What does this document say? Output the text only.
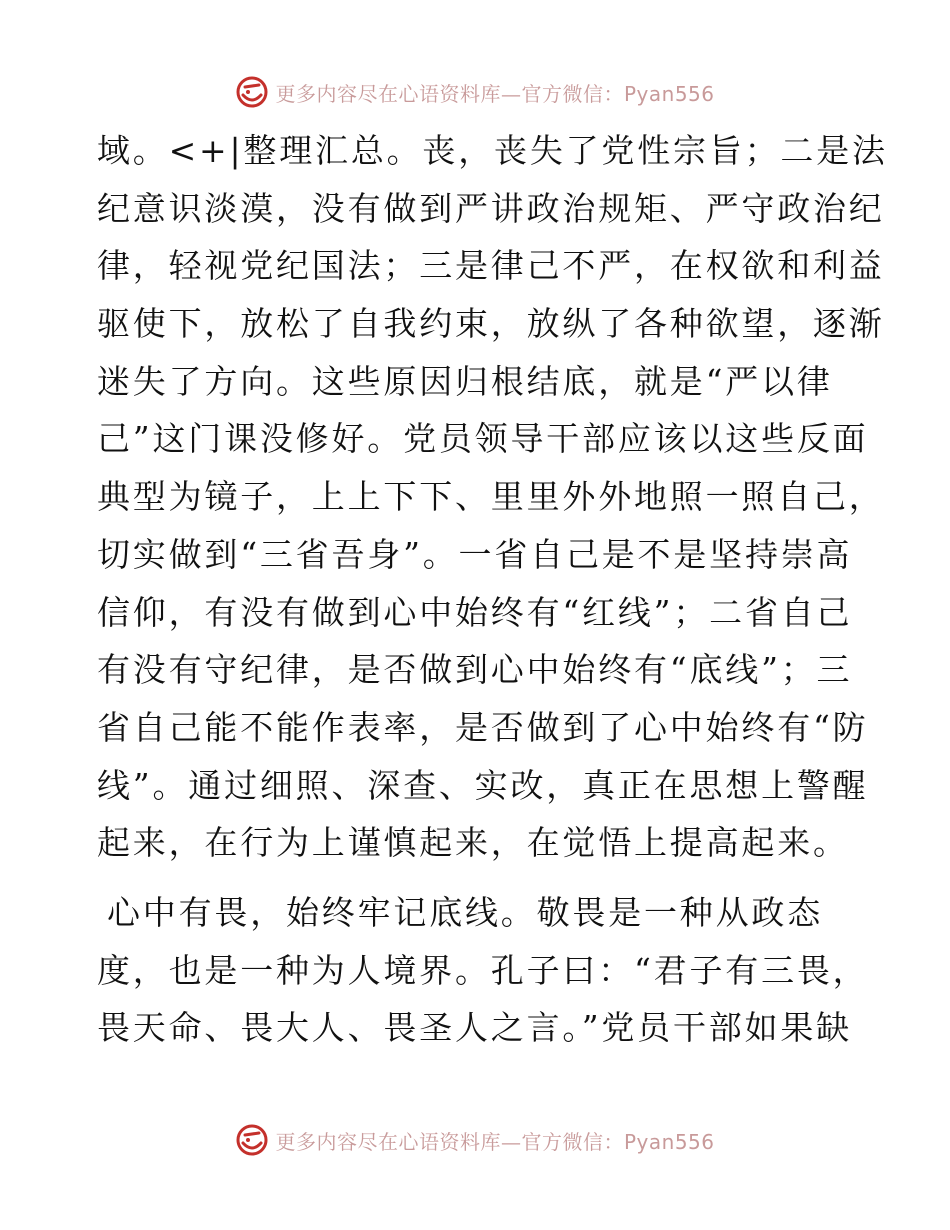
更多内容尽在心语资料库—官方微信：Pyan556
域。<+|整理汇总。丧，丧失了党性宗旨；二是法
纪意识淡漠，没有做到严讲政治规矩、严守政治纪
律，轻视党纪国法；三是律己不严，在权欲和利益
驱使下，放松了自我约束，放纵了各种欲望，逐渐
迷失了方向。这些原因归根结底，就是“严以律
己”这门课没修好。党员领导干部应该以这些反面
典型为镜子，上上下下、里里外外地照一照自己，
切实做到“三省吾身”。一省自己是不是坚持崇高
信仰，有没有做到心中始终有“红线”；二省自己
有没有守纪律，是否做到心中始终有“底线”；三
省自己能不能作表率，是否做到了心中始终有“防
线”。通过细照、深查、实改，真正在思想上警醒
起来，在行为上谨慎起来，在觉悟上提高起来。
心中有畏，始终牢记底线。敬畏是一种从政态
度，也是一种为人境界。孔子曰：“君子有三畏，
畏天命、畏大人、畏圣人之言。”党员干部如果缺
更多内容尽在心语资料库—官方微信：Pyan556
